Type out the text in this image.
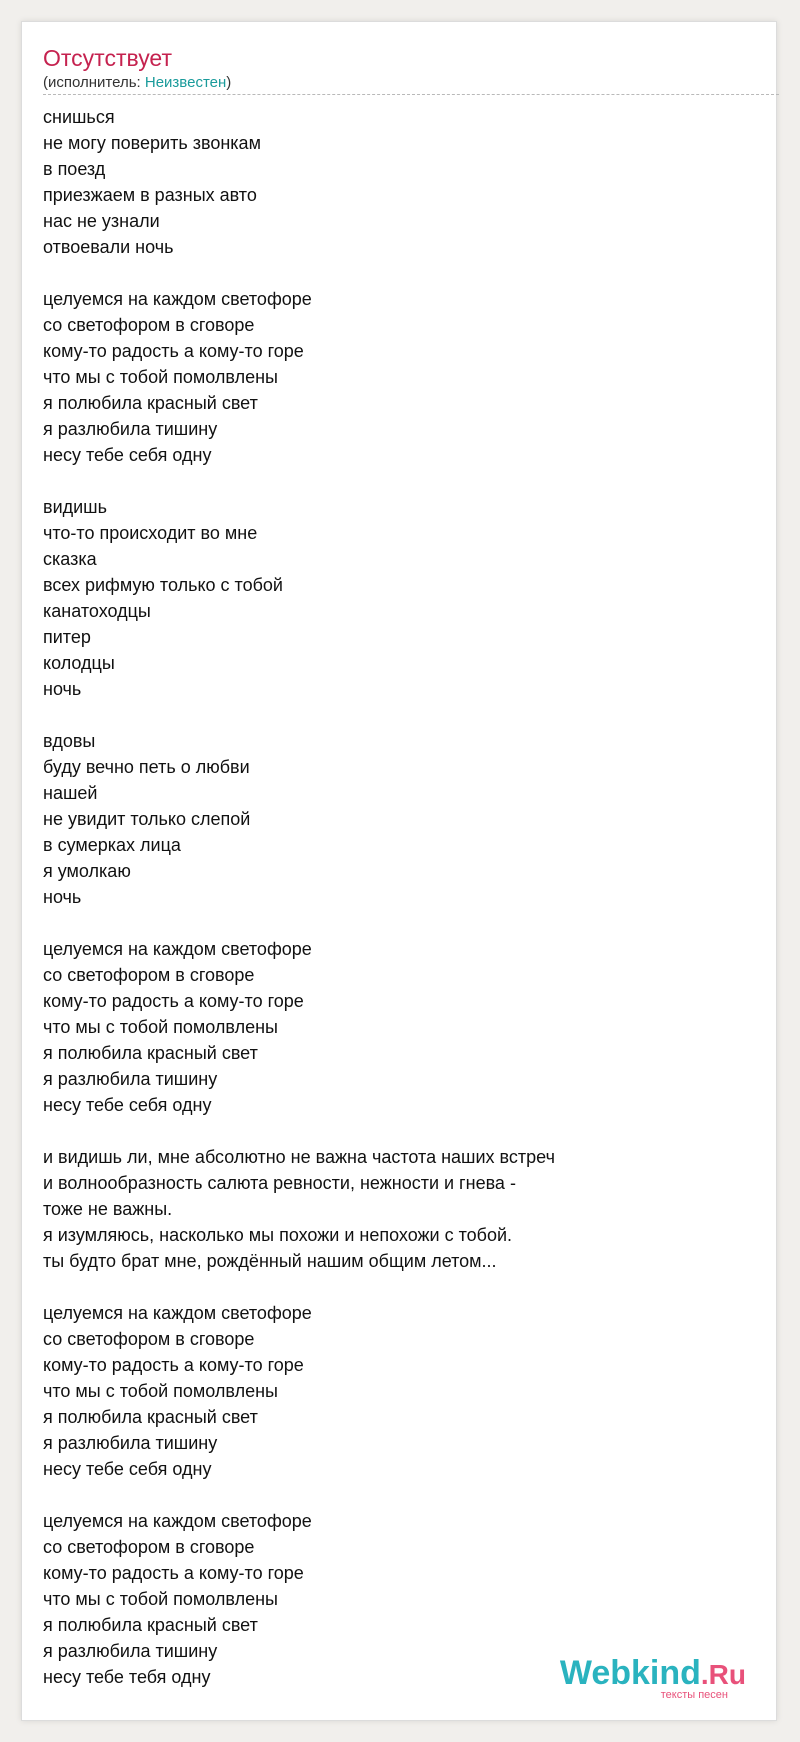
Отсутствует
(исполнитель: Неизвестен)
снишься
не могу поверить звонкам
в поезд
приезжаем в разных авто
нас не узнали
отвоевали ночь
целуемся на каждом светофоре
со светофором в сговоре
кому-то радость а кому-то горе
что мы с тобой помолвлены
я полюбила красный свет
я разлюбила тишину
несу тебе себя одну
видишь
что-то происходит во мне
сказка
всех рифмую только с тобой
канатоходцы
питер
колодцы
ночь
вдовы
буду вечно петь о любви
нашей
не увидит только слепой
в сумерках лица
я умолкаю
ночь
целуемся на каждом светофоре
со светофором в сговоре
кому-то радость а кому-то горе
что мы с тобой помолвлены
я полюбила красный свет
я разлюбила тишину
несу тебе себя одну
и видишь ли, мне абсолютно не важна частота наших встреч
и волнообразность салюта ревности, нежности и гнева -
тоже не важны.
я изумляюсь, насколько мы похожи и непохожи с тобой.
ты будто брат мне, рождённый нашим общим летом...
целуемся на каждом светофоре
со светофором в сговоре
кому-то радость а кому-то горе
что мы с тобой помолвлены
я полюбила красный свет
я разлюбила тишину
несу тебе себя одну
целуемся на каждом светофоре
со светофором в сговоре
кому-то радость а кому-то горе
что мы с тобой помолвлены
я полюбила красный свет
я разлюбила тишину
несу тебе тебя одну	Webkind.Ru
тексты песен
